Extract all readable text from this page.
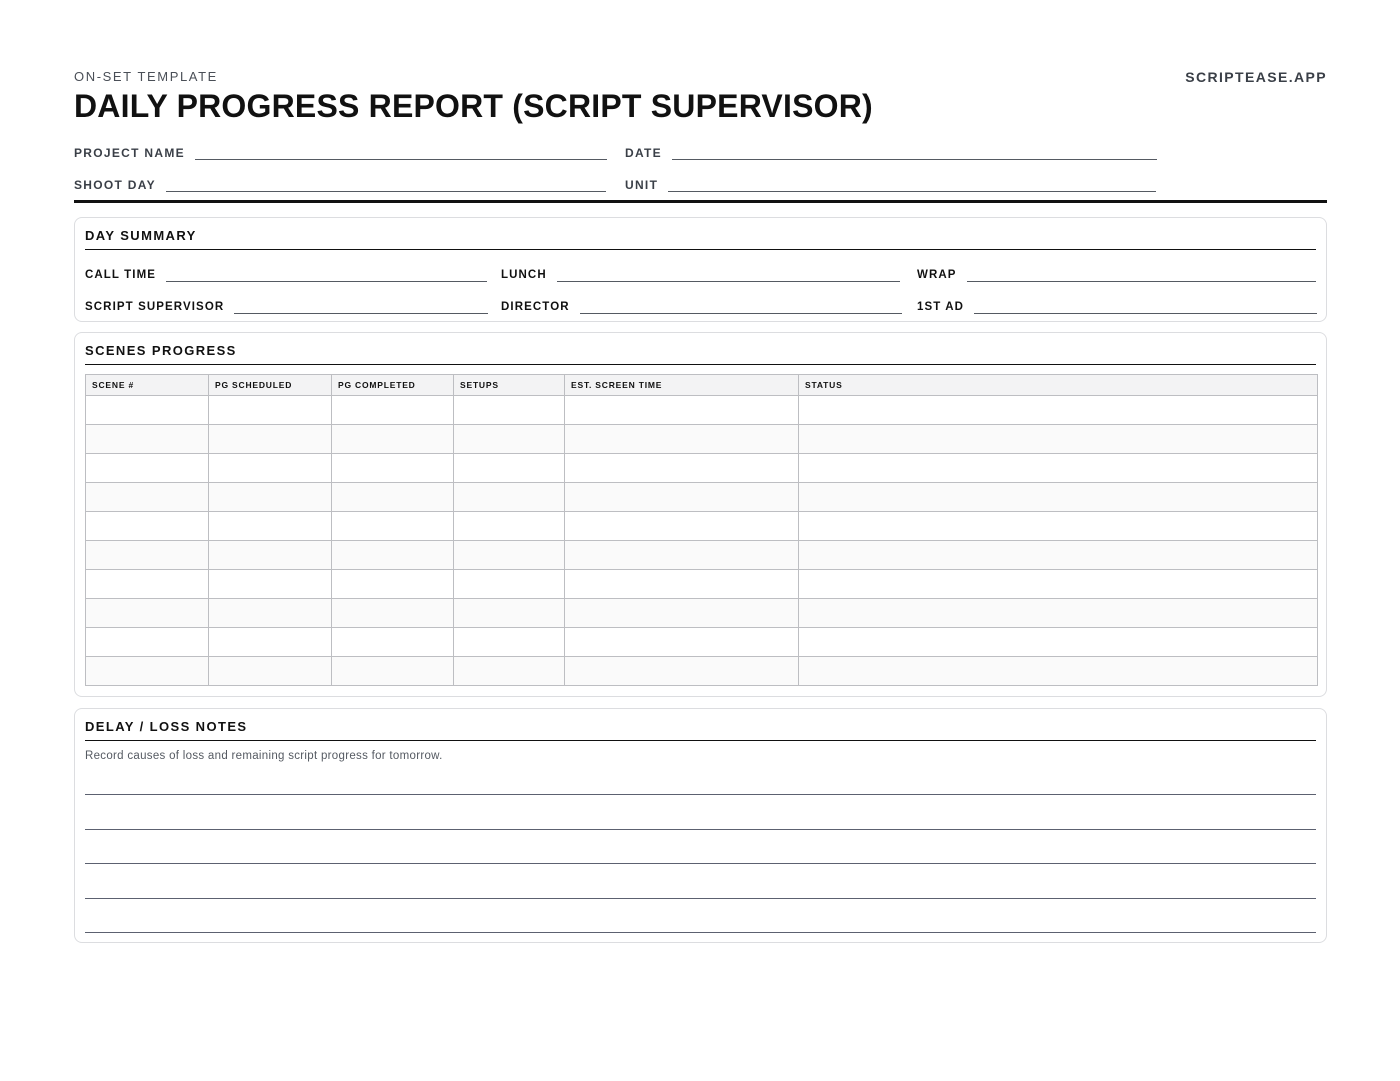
ON-SET TEMPLATE	SCRIPTEASE.APP
DAILY PROGRESS REPORT (SCRIPT SUPERVISOR)
PROJECT NAME	DATE
SHOOT DAY	UNIT
DAY SUMMARY
CALL TIME	LUNCH	WRAP
SCRIPT SUPERVISOR	DIRECTOR	1ST AD
SCENES PROGRESS
SCENE #	PG SCHEDULED	PG COMPLETED	SETUPS	EST. SCREEN TIME	STATUS

DELAY / LOSS NOTES
Record causes of loss and remaining script progress for tomorrow.
